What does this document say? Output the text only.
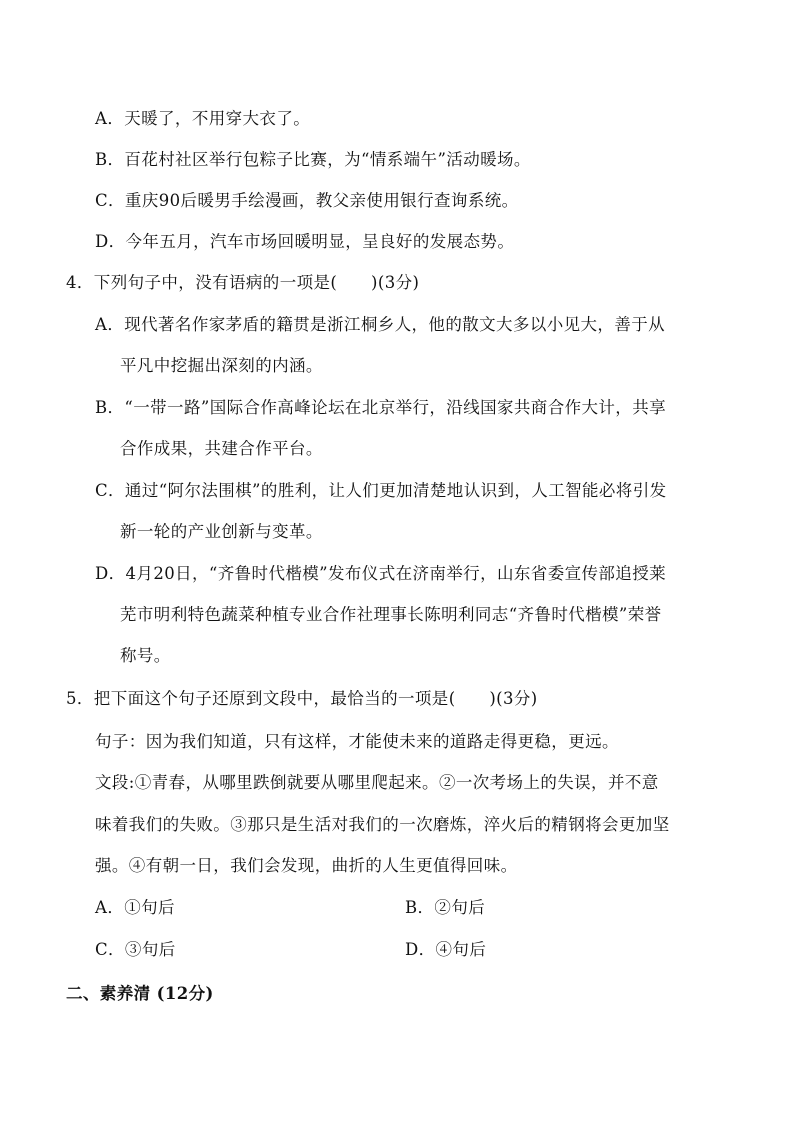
A．天暖了，不用穿大衣了。
B．百花村社区举行包粽子比赛，为“情系端午”活动暖场。
C．重庆90后暖男手绘漫画，教父亲使用银行查询系统。
D．今年五月，汽车市场回暖明显，呈良好的发展态势。
4．下列句子中，没有语病的一项是(　　)(3分)
A．现代著名作家茅盾的籍贯是浙江桐乡人，他的散文大多以小见大，善于从
平凡中挖掘出深刻的内涵。
B．“一带一路”国际合作高峰论坛在北京举行，沿线国家共商合作大计，共享
合作成果，共建合作平台。
C．通过“阿尔法围棋”的胜利，让人们更加清楚地认识到，人工智能必将引发
新一轮的产业创新与变革。
D．4月20日，“齐鲁时代楷模”发布仪式在济南举行，山东省委宣传部追授莱
芜市明利特色蔬菜种植专业合作社理事长陈明利同志“齐鲁时代楷模”荣誉
称号。
5．把下面这个句子还原到文段中，最恰当的一项是(　　)(3分)
句子：因为我们知道，只有这样，才能使未来的道路走得更稳，更远。
文段:①青春，从哪里跌倒就要从哪里爬起来。②一次考场上的失误，并不意
味着我们的失败。③那只是生活对我们的一次磨炼，淬火后的精钢将会更加坚
强。④有朝一日，我们会发现，曲折的人生更值得回味。
A．①句后	B．②句后
C．③句后	D．④句后
二、素养清 (12分)
